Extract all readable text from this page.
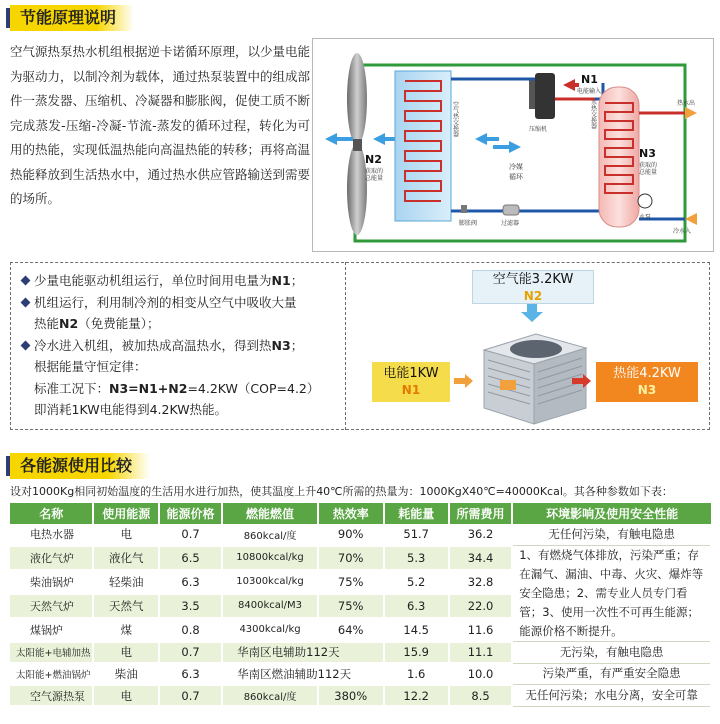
节能原理说明

空气源热泵热水机组根据逆卡诺循环原理，以少量电能为驱动力，以制冷剂为载体，通过热泵装置中的组成部件一蒸发器、压缩机、冷凝器和膨胀阀，促使工质不断完成蒸发-压缩-冷凝-节流-蒸发的循环过程，转化为可用的热能，实现低温热能向高温热能的转移；再将高温热能释放到生活热水中，通过热水供应管路输送到需要的场所。

空气热交换器
N2
获取的
总能量
压缩机
N1
电能输入
冷媒
循环
水热交换器
N3
获取的
总能量
热水出
冷水入
水泵
膨胀阀	过滤器
少量电能驱动机组运行，单位时间用电量为N1；
机组运行，利用制冷剂的相变从空气中吸收大量
热能N2（免费能量）；
冷水进入机组，被加热成高温热水，得到热N3；
根据能量守恒定律：
标准工况下：N3=N1+N2=4.2KW（COP=4.2）
即消耗1KW电能得到4.2KW热能。
空气能3.2KW
N2
电能1KW
N1
热能4.2KW
N3
各能源使用比较
设对1000Kg相同初始温度的生活用水进行加热，使其温度上升40℃所需的热量为：1000KgX40℃=40000Kcal。其各种参数如下表：
名称	使用能源	能源价格	燃能燃值	热效率	耗能量	所需费用	环境影响及使用安全性能
电热水器	电	0.7	860kcal/度	90%	51.7	36.2	无任何污染，有触电隐患
液化气炉	液化气	6.5	10800kcal/kg	70%	5.3	34.4	1、有燃烧气体排放，污染严重；存在漏气、漏油、中毒、火灾、爆炸等安全隐患；2、需专业人员专门看管；3、使用一次性不可再生能源；能源价格不断提升。
柴油锅炉	轻柴油	6.3	10300kcal/kg	75%	5.2	32.8	
天然气炉	天然气	3.5	8400kcal/M3	75%	6.3	22.0	
煤锅炉	煤	0.8	4300kcal/kg	64%	14.5	11.6	
太阳能+电辅加热	电	0.7	华南区电辅助112天		15.9	11.1	无污染，有触电隐患
太阳能+燃油锅炉	柴油	6.3	华南区燃油辅助112天		1.6	10.0	污染严重，有严重安全隐患
空气源热泵	电	0.7	860kcal/度	380%	12.2	8.5	无任何污染；水电分离，安全可靠
